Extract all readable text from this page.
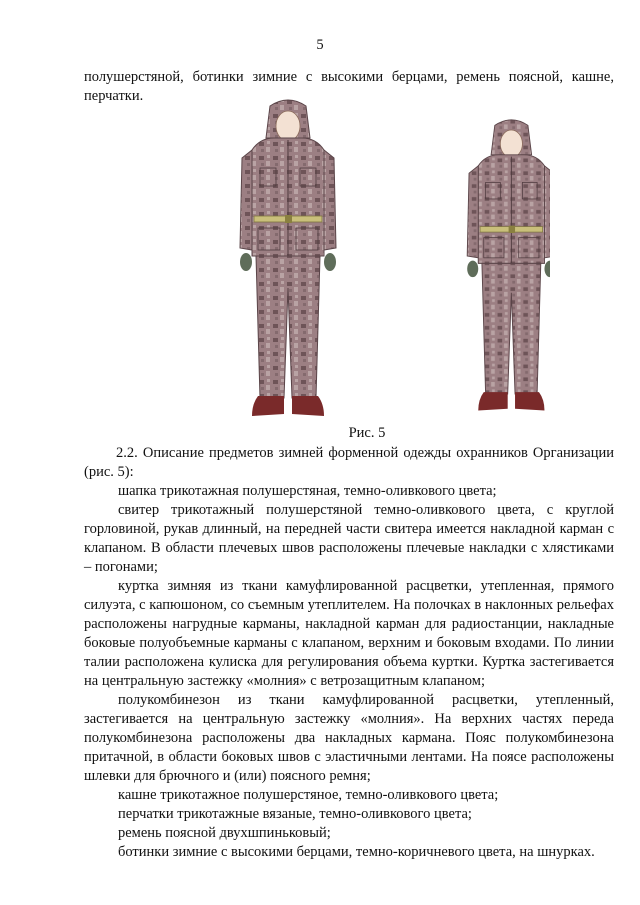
5

полушерстяной, ботинки зимние с высокими берцами, ремень поясной, кашне, перчатки.

Рис. 5

2.2. Описание предметов зимней форменной одежды охранников Организации (рис. 5):

шапка трикотажная полушерстяная, темно-оливкового цвета;

свитер трикотажный полушерстяной темно-оливкового цвета, с круглой горловиной, рукав длинный, на передней части свитера имеется накладной карман с клапаном. В области плечевых швов расположены плечевые накладки с хлястиками – погонами;

куртка зимняя из ткани камуфлированной расцветки, утепленная, прямого силуэта, с капюшоном, со съемным утеплителем. На полочках в наклонных рельефах расположены нагрудные карманы, накладной карман для радиостанции, накладные боковые полуобъемные карманы с клапаном, верхним и боковым входами. По линии талии расположена кулиска для регулирования объема куртки. Куртка застегивается на центральную застежку «молния» с ветрозащитным клапаном;

полукомбинезон из ткани камуфлированной расцветки, утепленный, застегивается на центральную застежку «молния». На верхних частях переда полукомбинезона расположены два накладных кармана. Пояс полукомбинезона притачной, в области боковых швов с эластичными лентами. На поясе расположены шлевки для брючного и (или) поясного ремня;

кашне трикотажное полушерстяное, темно-оливкового цвета;

перчатки трикотажные вязаные, темно-оливкового цвета;

ремень поясной двухшпиньковый;

ботинки зимние с высокими берцами, темно-коричневого цвета, на шнурках.
